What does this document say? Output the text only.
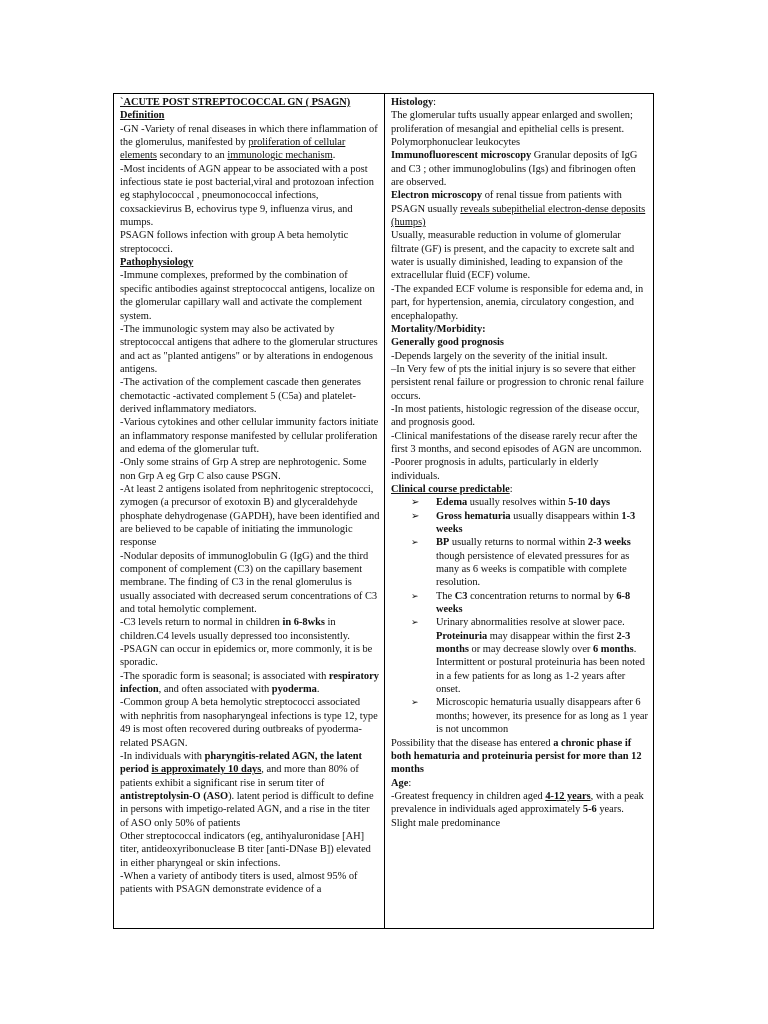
`ACUTE POST STREPTOCOCCAL GN ( PSAGN)

Definition

-GN -Variety of renal diseases in which there inflammation of the glomerulus, manifested by proliferation of cellular elements secondary to an immunologic mechanism.

-Most incidents of AGN appear to be associated with a post infectious state ie post bacterial,viral and protozoan infection eg staphylococcal , pneumonococcal infections, coxsackievirus B, echovirus type 9, influenza virus, and mumps.

PSAGN follows infection with group A beta hemolytic streptococci.

Pathophysiology

-Immune complexes, preformed by the combination of specific antibodies against streptococcal antigens, localize on the glomerular capillary wall and activate the complement system.

-The immunologic system may also be activated by streptococcal antigens that adhere to the glomerular structures and act as "planted antigens" or by alterations in endogenous antigens.

-The activation of the complement cascade then generates chemotactic -activated complement 5 (C5a) and platelet-derived inflammatory mediators.

-Various cytokines and other cellular immunity factors initiate an inflammatory response manifested by cellular proliferation and edema of the glomerular tuft.

-Only some strains of Grp A strep are nephrotogenic. Some non Grp A eg Grp C also cause PSGN.

-At least 2 antigens isolated from nephritogenic streptococci, zymogen (a precursor of exotoxin B) and glyceraldehyde phosphate dehydrogenase (GAPDH), have been identified and are believed to be capable of initiating the immunologic response

-Nodular deposits of immunoglobulin G (IgG) and the third component of complement (C3) on the capillary basement membrane. The finding of C3 in the renal glomerulus is usually associated with decreased serum concentrations of C3 and total hemolytic complement.

-C3 levels return to normal in children in 6-8wks in children.C4 levels usually depressed too inconsistently.

-PSAGN can occur in epidemics or, more commonly, it is be sporadic.

-The sporadic form is seasonal; is associated with respiratory infection, and often associated with pyoderma.

-Common group A beta hemolytic streptococci associated with nephritis from nasopharyngeal infections is type 12, type 49 is most often recovered during outbreaks of pyoderma-related PSAGN.

-In individuals with pharyngitis-related AGN, the latent period is approximately 10 days, and more than 80% of patients exhibit a significant rise in serum titer of antistreptolysin-O (ASO). latent period is difficult to define in persons with impetigo-related AGN, and a rise in the titer of ASO only 50% of patients

Other streptococcal indicators (eg, antihyaluronidase [AH] titer, antideoxyribonuclease B titer [anti-DNase B]) elevated in either pharyngeal or skin infections.

-When a variety of antibody titers is used, almost 95% of patients with PSAGN demonstrate evidence of a

Histology:

The glomerular tufts usually appear enlarged and swollen; proliferation of mesangial and epithelial cells is present. Polymorphonuclear leukocytes

Immunofluorescent microscopy Granular deposits of IgG and C3 ; other immunoglobulins (Igs) and fibrinogen often are observed.

Electron microscopy of renal tissue from patients with PSAGN usually reveals subepithelial electron-dense deposits (humps)

Usually, measurable reduction in volume of glomerular filtrate (GF) is present, and the capacity to excrete salt and water is usually diminished, leading to expansion of the extracellular fluid (ECF) volume.

-The expanded ECF volume is responsible for edema and, in part, for hypertension, anemia, circulatory congestion, and encephalopathy.

Mortality/Morbidity:

Generally good prognosis

-Depends largely on the severity of the initial insult.

–In Very few of pts the initial injury is so severe that either persistent renal failure or progression to chronic renal failure occurs.

-In most patients, histologic regression of the disease occur, and prognosis good.

-Clinical manifestations of the disease rarely recur after the first 3 months, and second episodes of AGN are uncommon.

-Poorer prognosis in adults, particularly in elderly individuals.

Clinical course predictable:

➢ Edema usually resolves within 5-10 days
➢ Gross hematuria usually disappears within 1-3 weeks
➢ BP usually returns to normal within 2-3 weeks though persistence of elevated pressures for as many as 6 weeks is compatible with complete resolution.
➢ The C3 concentration returns to normal by 6-8 weeks
➢ Urinary abnormalities resolve at slower pace. Proteinuria may disappear within the first 2-3 months or may decrease slowly over 6 months. Intermittent or postural proteinuria has been noted in a few patients for as long as 1-2 years after onset.
➢ Microscopic hematuria usually disappears after 6 months; however, its presence for as long as 1 year is not uncommon

Possibility that the disease has entered a chronic phase if both hematuria and proteinuria persist for more than 12 months

Age:

-Greatest frequency in children aged 4-12 years, with a peak prevalence in individuals aged approximately 5-6 years. Slight male predominance
